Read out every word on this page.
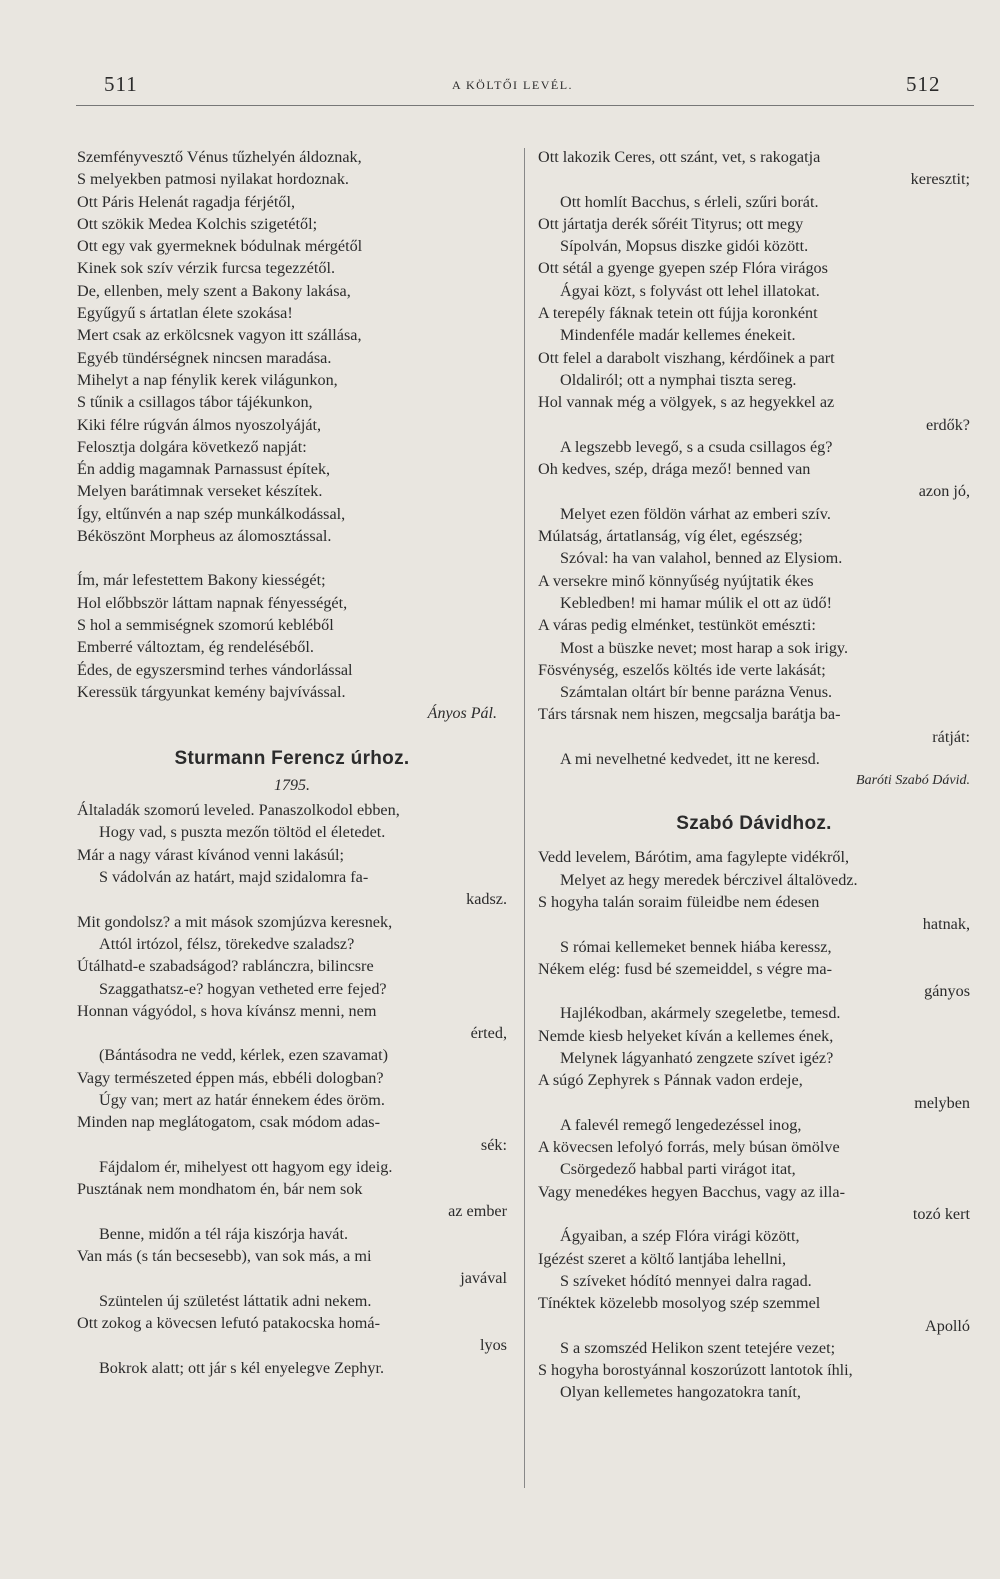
511	A KÖLTŐI LEVÉL.	512
Szemfényvesztő Vénus tűzhelyén áldoznak,
S melyekben patmosi nyilakat hordoznak.
Ott Páris Helenát ragadja férjétől,
Ott szökik Medea Kolchis szigetétől;
Ott egy vak gyermeknek bódulnak mérgétől
Kinek sok szív vérzik furcsa tegezzétől.
De, ellenben, mely szent a Bakony lakása,
Egyűgyű s ártatlan élete szokása!
Mert csak az erkölcsnek vagyon itt szállása,
Egyéb tündérségnek nincsen maradása.
Mihelyt a nap fénylik kerek világunkon,
S tűnik a csillagos tábor tájékunkon,
Kiki félre rúgván álmos nyoszolyáját,
Felosztja dolgára következő napját:
Én addig magamnak Parnassust építek,
Melyen barátimnak verseket készítek.
Így, eltűnvén a nap szép munkálkodással,
Béköszönt Morpheus az álomosztással.
Ím, már lefestettem Bakony kiességét;
Hol előbbször láttam napnak fényességét,
S hol a semmiségnek szomorú kebléből
Emberré változtam, ég rendeléséből.
Édes, de egyszersmind terhes vándorlással
Keressük tárgyunkat kemény bajvívással.
Ányos Pál.
Sturmann Ferencz úrhoz.
1795.
Általadák szomorú leveled. Panaszolkodol ebben,
Hogy vad, s puszta mezőn töltöd el életedet.
Már a nagy várast kívánod venni lakásúl;
S vádolván az határt, majd szidalomra fa-
kadsz.
Mit gondolsz? a mit mások szomjúzva keresnek,
Attól irtózol, félsz, törekedve szaladsz?
Útálhatd-e szabadságod? rablánczra, bilincsre
Szaggathatsz-e? hogyan vetheted erre fejed?
Honnan vágyódol, s hova kívánsz menni, nem
érted,
(Bántásodra ne vedd, kérlek, ezen szavamat)
Vagy természeted éppen más, ebbéli dologban?
Úgy van; mert az határ énnekem édes öröm.
Minden nap meglátogatom, csak módom adas-
sék:
Fájdalom ér, mihelyest ott hagyom egy ideig.
Pusztának nem mondhatom én, bár nem sok
az ember
Benne, midőn a tél rája kiszórja havát.
Van más (s tán becsesebb), van sok más, a mi
javával
Szüntelen új születést láttatik adni nekem.
Ott zokog a kövecsen lefutó patakocska homá-
lyos
Bokrok alatt; ott jár s kél enyelegve Zephyr.
Ott lakozik Ceres, ott szánt, vet, s rakogatja
keresztit;
Ott homlít Bacchus, s érleli, szűri borát.
Ott jártatja derék sőréit Tityrus; ott megy
Sípolván, Mopsus diszke gidói között.
Ott sétál a gyenge gyepen szép Flóra virágos
Ágyai közt, s folyvást ott lehel illatokat.
A terepély fáknak tetein ott fújja koronként
Mindenféle madár kellemes énekeit.
Ott felel a darabolt viszhang, kérdőinek a part
Oldaliról; ott a nymphai tiszta sereg.
Hol vannak még a völgyek, s az hegyekkel az
erdők?
A legszebb levegő, s a csuda csillagos ég?
Oh kedves, szép, drága mező! benned van
azon jó,
Melyet ezen földön várhat az emberi szív.
Múlatság, ártatlanság, víg élet, egészség;
Szóval: ha van valahol, benned az Elysiom.
A versekre minő könnyűség nyújtatik ékes
Kebledben! mi hamar múlik el ott az üdő!
A váras pedig elménket, testünköt emészti:
Most a büszke nevet; most harap a sok irigy.
Fösvénység, eszelős költés ide verte lakását;
Számtalan oltárt bír benne parázna Venus.
Társ társnak nem hiszen, megcsalja barátja ba-
rátját:
A mi nevelhetné kedvedet, itt ne keresd.
Baróti Szabó Dávid.
Szabó Dávidhoz.
Vedd levelem, Bárótim, ama fagylepte vidékről,
Melyet az hegy meredek bérczivel általövedz.
S hogyha talán soraim füleidbe nem édesen
hatnak,
S római kellemeket bennek hiába keressz,
Nékem elég: fusd bé szemeiddel, s végre ma-
gányos
Hajlékodban, akármely szegeletbe, temesd.
Nemde kiesb helyeket kíván a kellemes ének,
Melynek lágyanható zengzete szívet igéz?
A súgó Zephyrek s Pánnak vadon erdeje,
melyben
A falevél remegő lengedezéssel inog,
A kövecsen lefolyó forrás, mely búsan ömölve
Csörgedező habbal parti virágot itat,
Vagy menedékes hegyen Bacchus, vagy az illa-
tozó kert
Ágyaiban, a szép Flóra virági között,
Igézést szeret a költő lantjába lehellni,
S szíveket hódító mennyei dalra ragad.
Tínéktek közelebb mosolyog szép szemmel
Apolló
S a szomszéd Helikon szent tetejére vezet;
S hogyha borostyánnal koszorúzott lantotok íhli,
Olyan kellemetes hangozatokra tanít,
